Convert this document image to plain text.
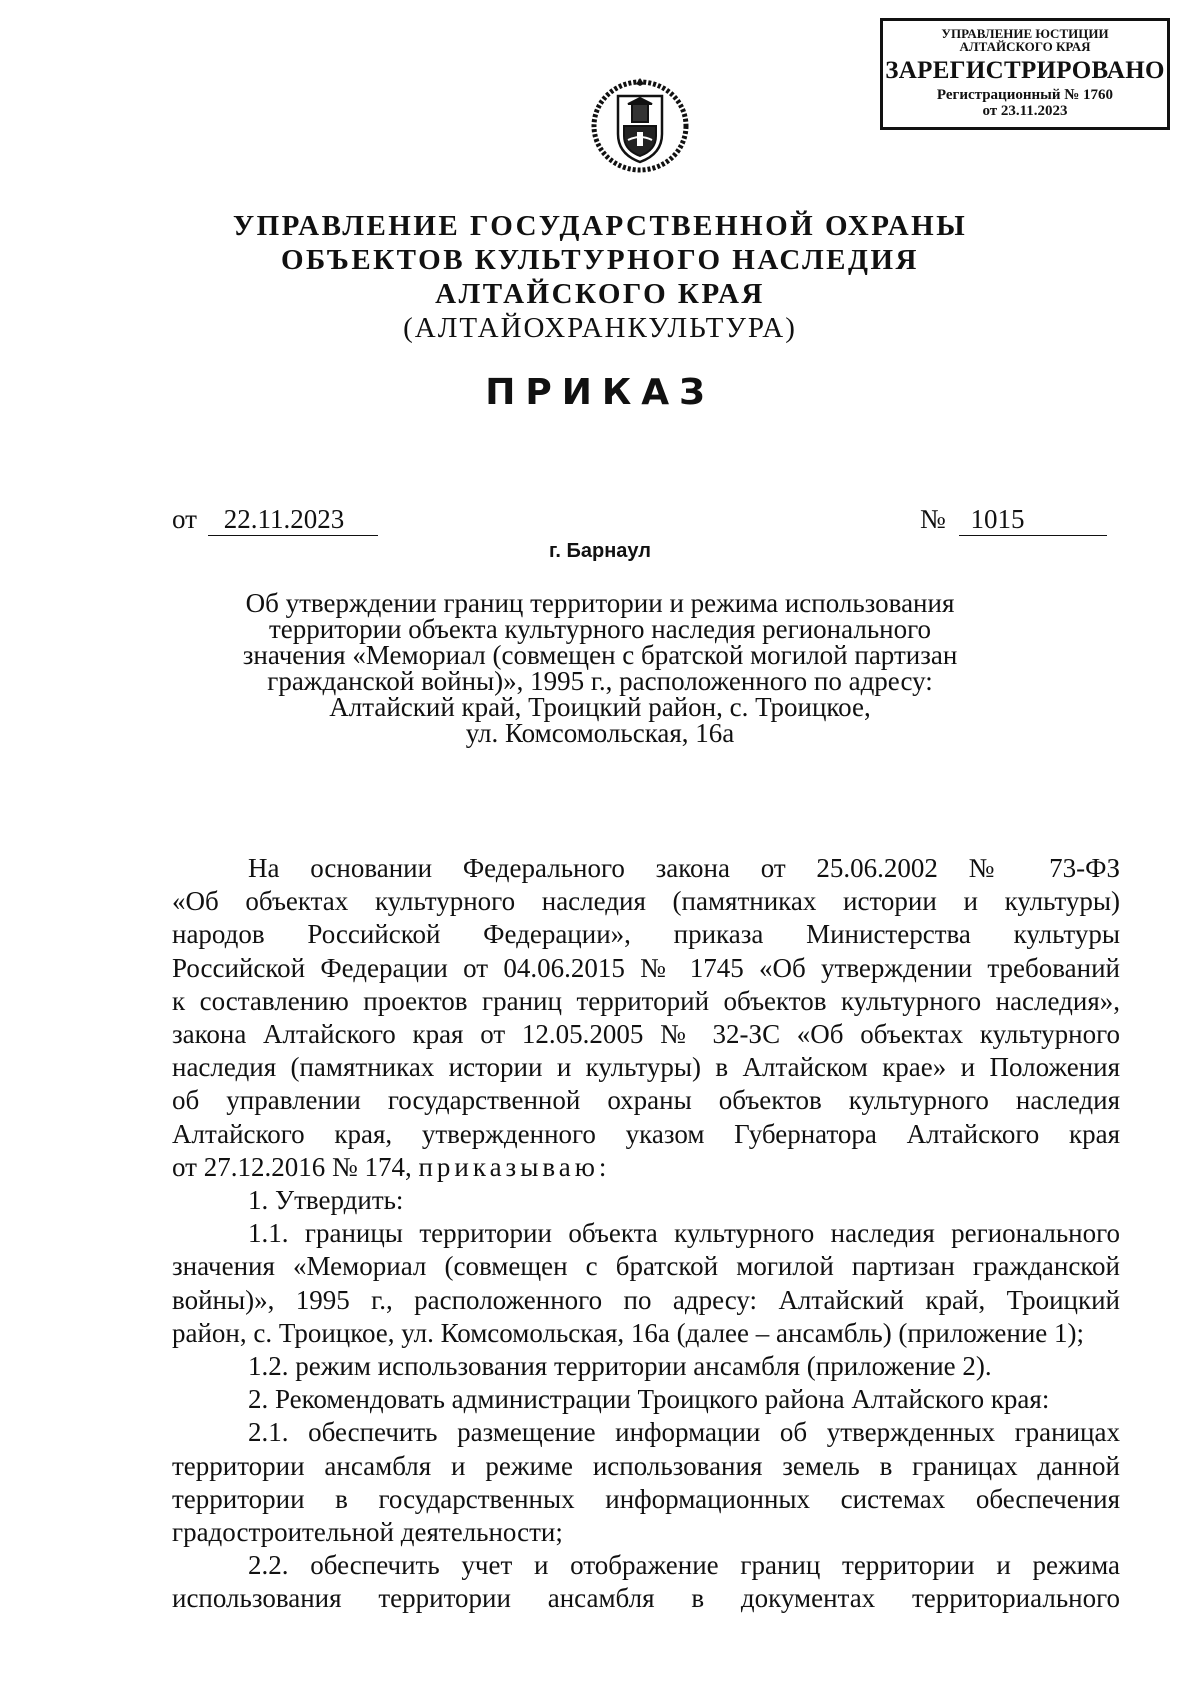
УПРАВЛЕНИЕ ЮСТИЦИИ
АЛТАЙСКОГО КРАЯ
ЗАРЕГИСТРИРОВАНО
Регистрационный № 1760
от 23.11.2023
УПРАВЛЕНИЕ ГОСУДАРСТВЕННОЙ ОХРАНЫ
ОБЪЕКТОВ КУЛЬТУРНОГО НАСЛЕДИЯ
АЛТАЙСКОГО КРАЯ
(АЛТАЙОХРАНКУЛЬТУРА)
ПРИКАЗ
от 22.11.2023	№ 1015
г. Барнаул
Об утверждении границ территории и режима использования
территории объекта культурного наследия регионального
значения «Мемориал (совмещен с братской могилой партизан
гражданской войны)», 1995 г., расположенного по адресу:
Алтайский край, Троицкий район, с. Троицкое,
ул. Комсомольская, 16а

На основании Федерального закона от 25.06.2002 № 73-ФЗ
«Об объектах культурного наследия (памятниках истории и культуры)
народов Российской Федерации», приказа Министерства культуры
Российской Федерации от 04.06.2015 № 1745 «Об утверждении требований
к составлению проектов границ территорий объектов культурного наследия»,
закона Алтайского края от 12.05.2005 № 32-ЗС «Об объектах культурного
наследия (памятниках истории и культуры) в Алтайском крае» и Положения
об управлении государственной охраны объектов культурного наследия
Алтайского края, утвержденного указом Губернатора Алтайского края
от 27.12.2016 № 174, приказываю:

1. Утвердить:

1.1. границы территории объекта культурного наследия регионального
значения «Мемориал (совмещен с братской могилой партизан гражданской
войны)», 1995 г., расположенного по адресу: Алтайский край, Троицкий
район, с. Троицкое, ул. Комсомольская, 16а (далее – ансамбль) (приложение 1);

1.2. режим использования территории ансамбля (приложение 2).

2. Рекомендовать администрации Троицкого района Алтайского края:

2.1. обеспечить размещение информации об утвержденных границах
территории ансамбля и режиме использования земель в границах данной
территории в государственных информационных системах обеспечения
градостроительной деятельности;

2.2. обеспечить учет и отображение границ территории и режима
использования территории ансамбля в документах территориального
